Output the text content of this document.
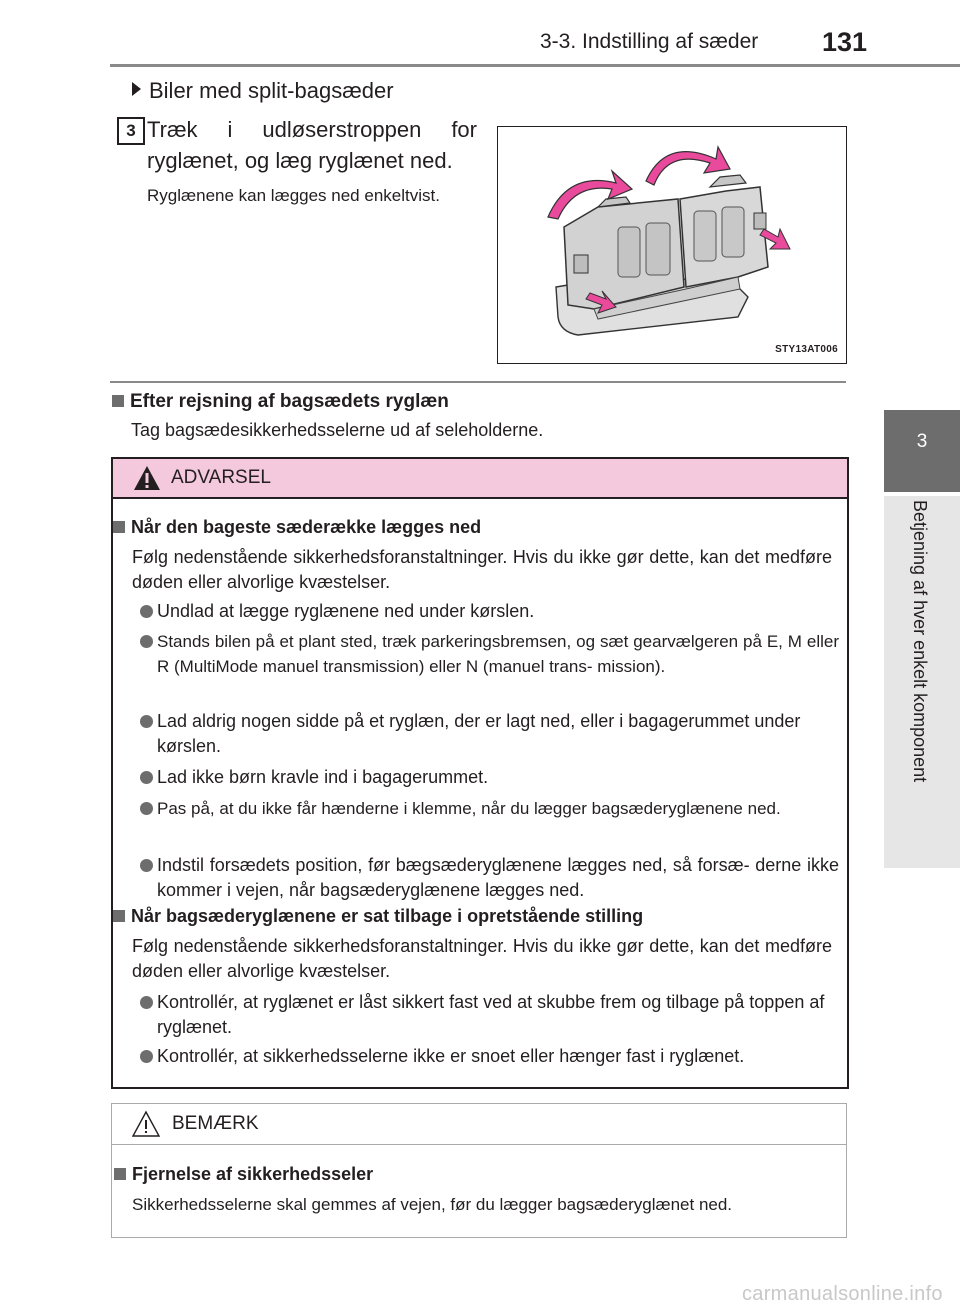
3-3. Indstilling af sæder 131
3
Betjening af hver enkelt komponent
Biler med split-bagsæder
3 Træk i udløserstroppen for ryglænet, og læg ryglænet ned.
Ryglænene kan lægges ned enkeltvist.
STY13AT006
Efter rejsning af bagsædets ryglæn
Tag bagsædesikkerhedsselerne ud af seleholderne.
ADVARSEL
Når den bageste sæderække lægges ned
Følg nedenstående sikkerhedsforanstaltninger. Hvis du ikke gør dette, kan det medføre døden eller alvorlige kvæstelser.
Undlad at lægge ryglænene ned under kørslen.
Stands bilen på et plant sted, træk parkeringsbremsen, og sæt gearvælgeren på E, M eller R (MultiMode manuel transmission) eller N (manuel trans- mission).
Lad aldrig nogen sidde på et ryglæn, der er lagt ned, eller i bagagerummet under kørslen.
Lad ikke børn kravle ind i bagagerummet.
Pas på, at du ikke får hænderne i klemme, når du lægger bagsæderyglænene ned.
Indstil forsædets position, før bægsæderyglænene lægges ned, så forsæ- derne ikke kommer i vejen, når bagsæderyglænene lægges ned.
Når bagsæderyglænene er sat tilbage i opretstående stilling
Følg nedenstående sikkerhedsforanstaltninger. Hvis du ikke gør dette, kan det medføre døden eller alvorlige kvæstelser.
Kontrollér, at ryglænet er låst sikkert fast ved at skubbe frem og tilbage på toppen af ryglænet.
Kontrollér, at sikkerhedsselerne ikke er snoet eller hænger fast i ryglænet.
BEMÆRK
Fjernelse af sikkerhedsseler
Sikkerhedsselerne skal gemmes af vejen, før du lægger bagsæderyglænet ned.
carmanualsonline.info
